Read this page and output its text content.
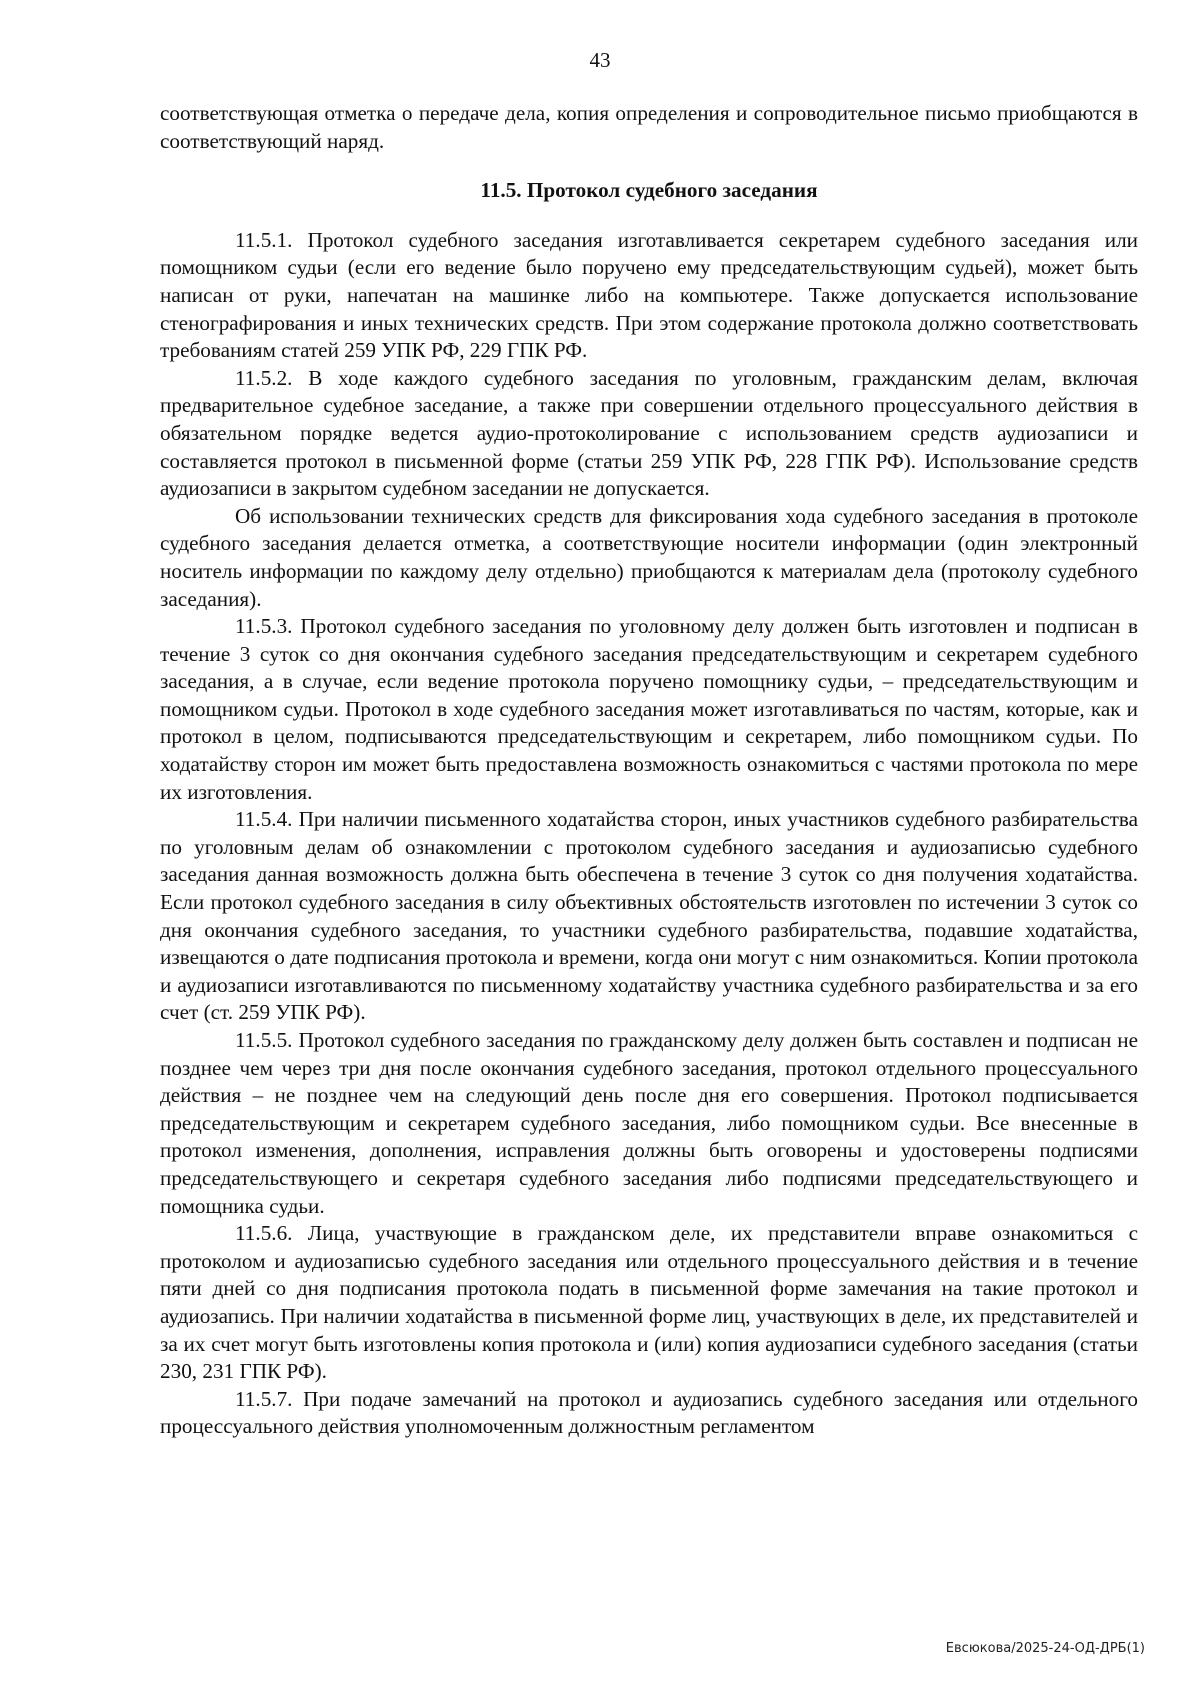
43

соответствующая отметка о передаче дела, копия определения и сопроводительное письмо приобщаются в соответствующий наряд.

11.5. Протокол судебного заседания

11.5.1. Протокол судебного заседания изготавливается секретарем судебного заседания или помощником судьи (если его ведение было поручено ему председательствующим судьей), может быть написан от руки, напечатан на машинке либо на компьютере. Также допускается использование стенографирования и иных технических средств. При этом содержание протокола должно соответствовать требованиям статей 259 УПК РФ, 229 ГПК РФ.

11.5.2. В ходе каждого судебного заседания по уголовным, гражданским делам, включая предварительное судебное заседание, а также при совершении отдельного процессуального действия в обязательном порядке ведется аудио-протоколирование с использованием средств аудиозаписи и составляется протокол в письменной форме (статьи 259 УПК РФ, 228 ГПК РФ). Использование средств аудиозаписи в закрытом судебном заседании не допускается.

Об использовании технических средств для фиксирования хода судебного заседания в протоколе судебного заседания делается отметка, а соответствующие носители информации (один электронный носитель информации по каждому делу отдельно) приобщаются к материалам дела (протоколу судебного заседания).

11.5.3. Протокол судебного заседания по уголовному делу должен быть изготовлен и подписан в течение 3 суток со дня окончания судебного заседания председательствующим и секретарем судебного заседания, а в случае, если ведение протокола поручено помощнику судьи, – председательствующим и помощником судьи. Протокол в ходе судебного заседания может изготавливаться по частям, которые, как и протокол в целом, подписываются председательствующим и секретарем, либо помощником судьи. По ходатайству сторон им может быть предоставлена возможность ознакомиться с частями протокола по мере их изготовления.

11.5.4. При наличии письменного ходатайства сторон, иных участников судебного разбирательства по уголовным делам об ознакомлении с протоколом судебного заседания и аудиозаписью судебного заседания данная возможность должна быть обеспечена в течение 3 суток со дня получения ходатайства. Если протокол судебного заседания в силу объективных обстоятельств изготовлен по истечении 3 суток со дня окончания судебного заседания, то участники судебного разбирательства, подавшие ходатайства, извещаются о дате подписания протокола и времени, когда они могут с ним ознакомиться. Копии протокола и аудиозаписи изготавливаются по письменному ходатайству участника судебного разбирательства и за его счет (ст. 259 УПК РФ).

11.5.5. Протокол судебного заседания по гражданскому делу должен быть составлен и подписан не позднее чем через три дня после окончания судебного заседания, протокол отдельного процессуального действия – не позднее чем на следующий день после дня его совершения. Протокол подписывается председательствующим и секретарем судебного заседания, либо помощником судьи. Все внесенные в протокол изменения, дополнения, исправления должны быть оговорены и удостоверены подписями председательствующего и секретаря судебного заседания либо подписями председательствующего и помощника судьи.

11.5.6. Лица, участвующие в гражданском деле, их представители вправе ознакомиться с протоколом и аудиозаписью судебного заседания или отдельного процессуального действия и в течение пяти дней со дня подписания протокола подать в письменной форме замечания на такие протокол и аудиозапись. При наличии ходатайства в письменной форме лиц, участвующих в деле, их представителей и за их счет могут быть изготовлены копия протокола и (или) копия аудиозаписи судебного заседания (статьи 230, 231 ГПК РФ).

11.5.7. При подаче замечаний на протокол и аудиозапись судебного заседания или отдельного процессуального действия уполномоченным должностным регламентом

Евсюкова/2025-24-ОД-ДРБ(1)
